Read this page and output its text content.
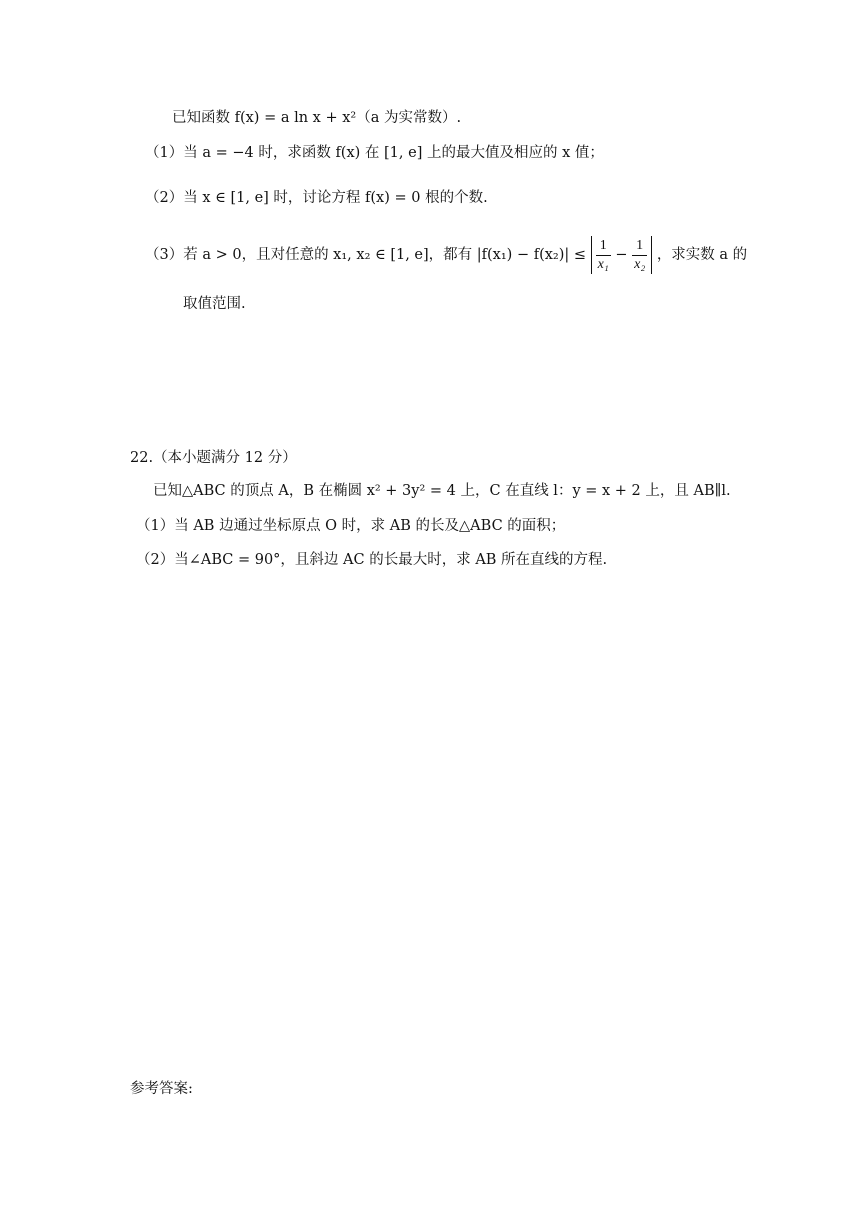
已知函数 f(x) = a ln x + x²（a 为实常数）.
（1）当 a = −4 时，求函数 f(x) 在 [1, e] 上的最大值及相应的 x 值；
（2）当 x ∈ [1, e] 时，讨论方程 f(x) = 0 根的个数.
（3）若 a > 0，且对任意的 x₁, x₂ ∈ [1, e]，都有 $|f(x_1) - f(x_2)| \le \frac{1}{\text{x₁}} - \frac{1}{\text{x₂}}$ ，求实数 a 的
取值范围.
22.（本小题满分 12 分）
已知△ABC 的顶点 A，B 在椭圆 x² + 3y² = 4 上，C 在直线 l：y = x + 2 上，且 AB∥l.
（1）当 AB 边通过坐标原点 O 时，求 AB 的长及△ABC 的面积；
（2）当∠ABC = 90°，且斜边 AC 的长最大时，求 AB 所在直线的方程.
参考答案:
